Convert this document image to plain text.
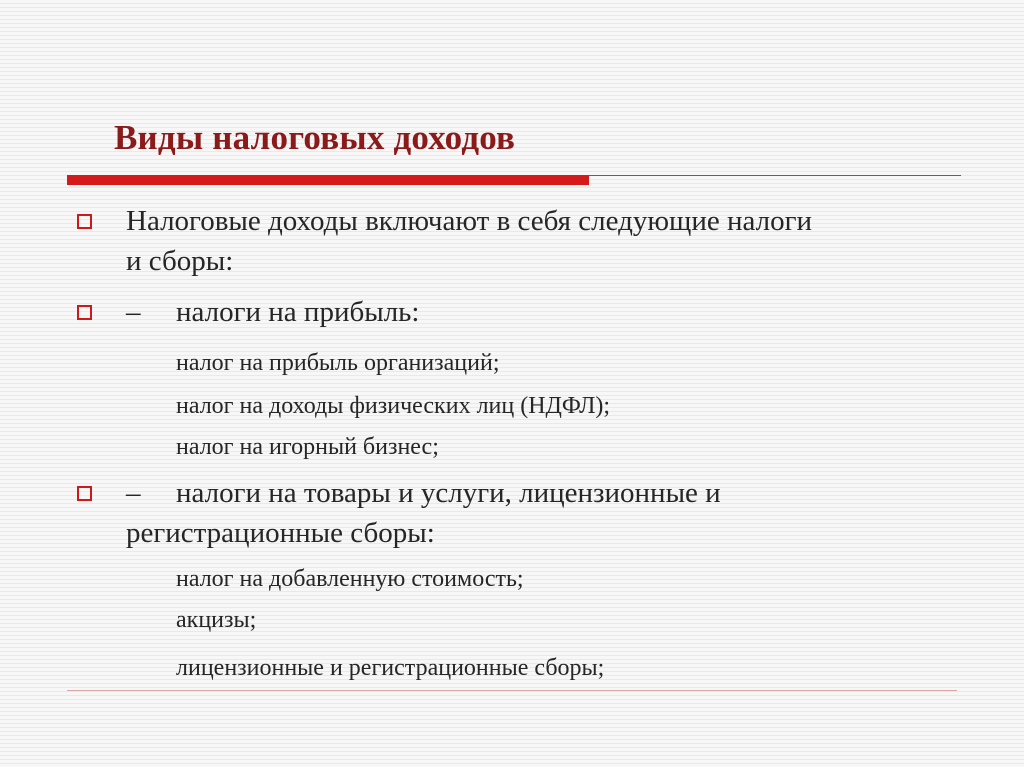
Виды налоговых доходов
Налоговые доходы включают в себя следующие налоги
и сборы:
– налоги на прибыль:
налог на прибыль организаций;
налог на доходы физических лиц (НДФЛ);
налог на игорный бизнес;
– налоги на товары и услуги, лицензионные и
регистрационные сборы:
налог на добавленную стоимость;
акцизы;
лицензионные и регистрационные сборы;
